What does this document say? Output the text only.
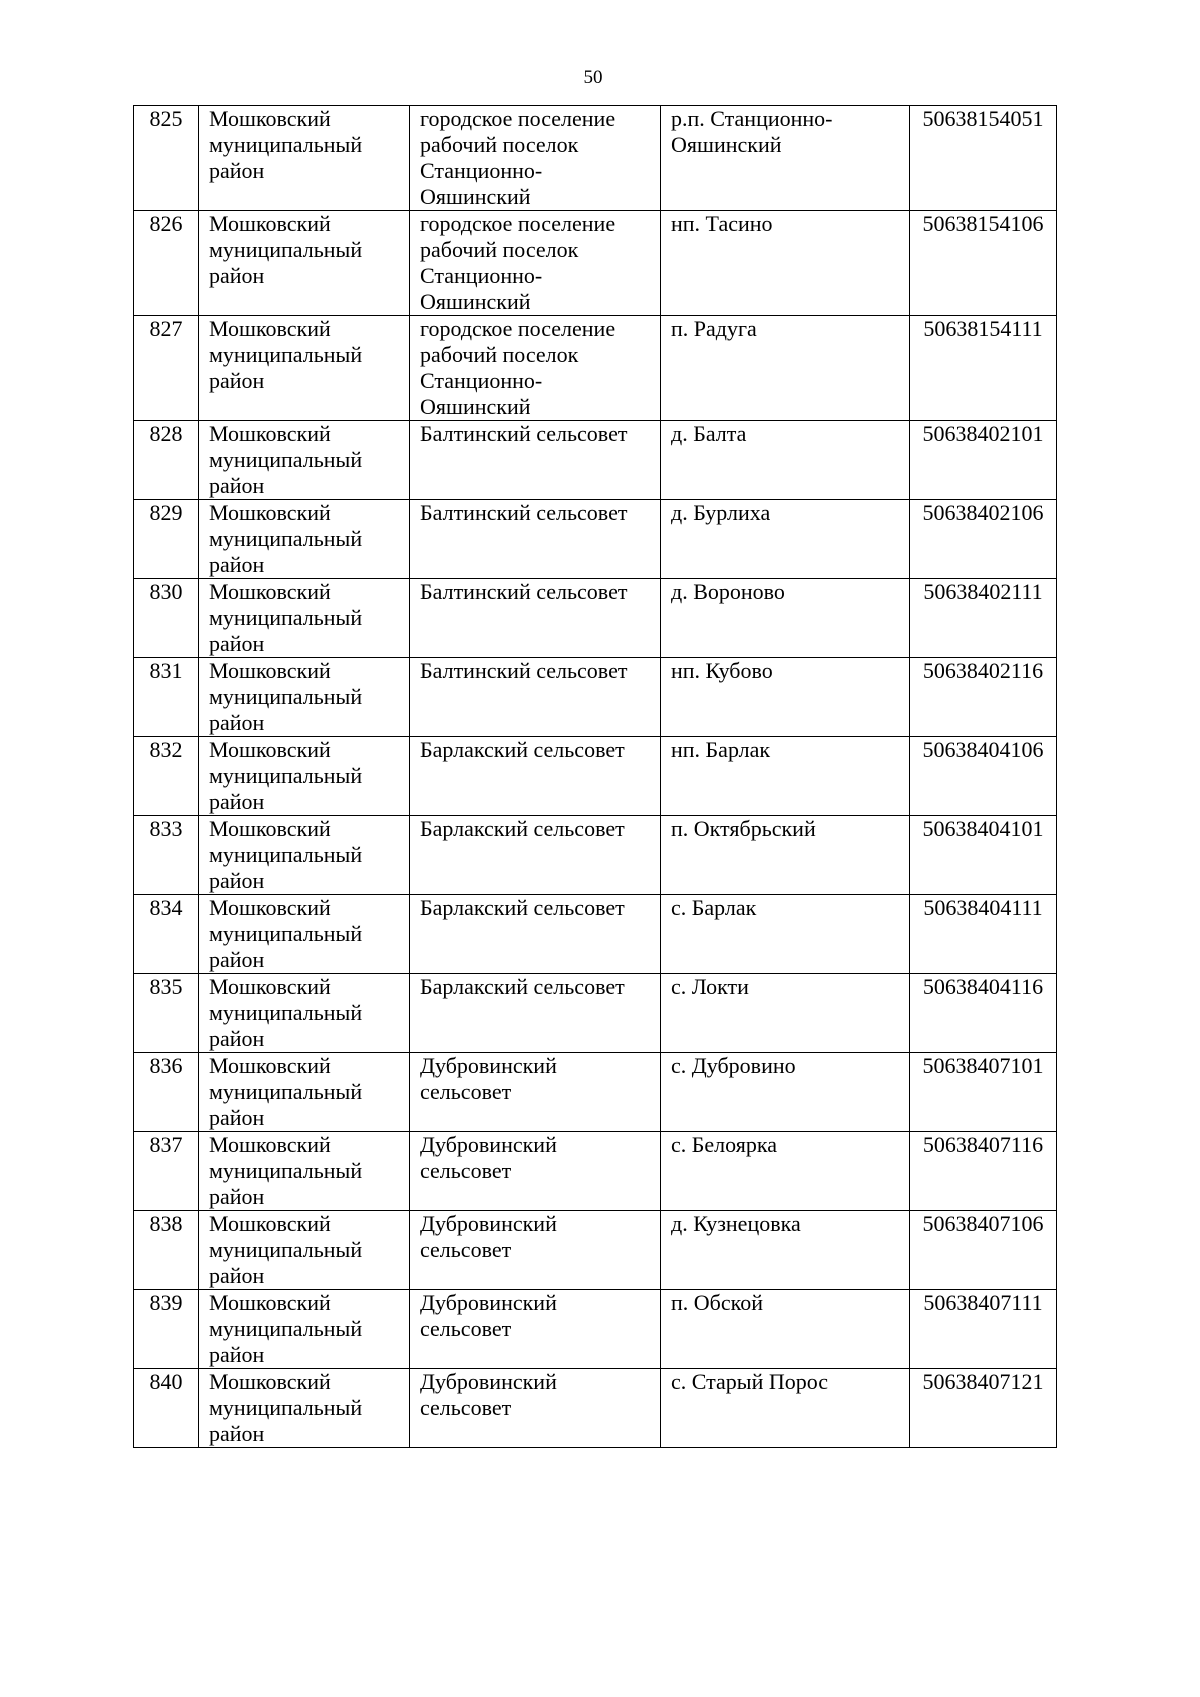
50
825	Мошковский муниципальный район	городское поселение рабочий поселок Станционно-Ояшинский	р.п. Станционно-Ояшинский	50638154051
826	Мошковский муниципальный район	городское поселение рабочий поселок Станционно-Ояшинский	нп. Тасино	50638154106
827	Мошковский муниципальный район	городское поселение рабочий поселок Станционно-Ояшинский	п. Радуга	50638154111
828	Мошковский муниципальный район	Балтинский сельсовет	д. Балта	50638402101
829	Мошковский муниципальный район	Балтинский сельсовет	д. Бурлиха	50638402106
830	Мошковский муниципальный район	Балтинский сельсовет	д. Вороново	50638402111
831	Мошковский муниципальный район	Балтинский сельсовет	нп. Кубово	50638402116
832	Мошковский муниципальный район	Барлакский сельсовет	нп. Барлак	50638404106
833	Мошковский муниципальный район	Барлакский сельсовет	п. Октябрьский	50638404101
834	Мошковский муниципальный район	Барлакский сельсовет	с. Барлак	50638404111
835	Мошковский муниципальный район	Барлакский сельсовет	с. Локти	50638404116
836	Мошковский муниципальный район	Дубровинский сельсовет	с. Дубровино	50638407101
837	Мошковский муниципальный район	Дубровинский сельсовет	с. Белоярка	50638407116
838	Мошковский муниципальный район	Дубровинский сельсовет	д. Кузнецовка	50638407106
839	Мошковский муниципальный район	Дубровинский сельсовет	п. Обской	50638407111
840	Мошковский муниципальный район	Дубровинский сельсовет	с. Старый Порос	50638407121
